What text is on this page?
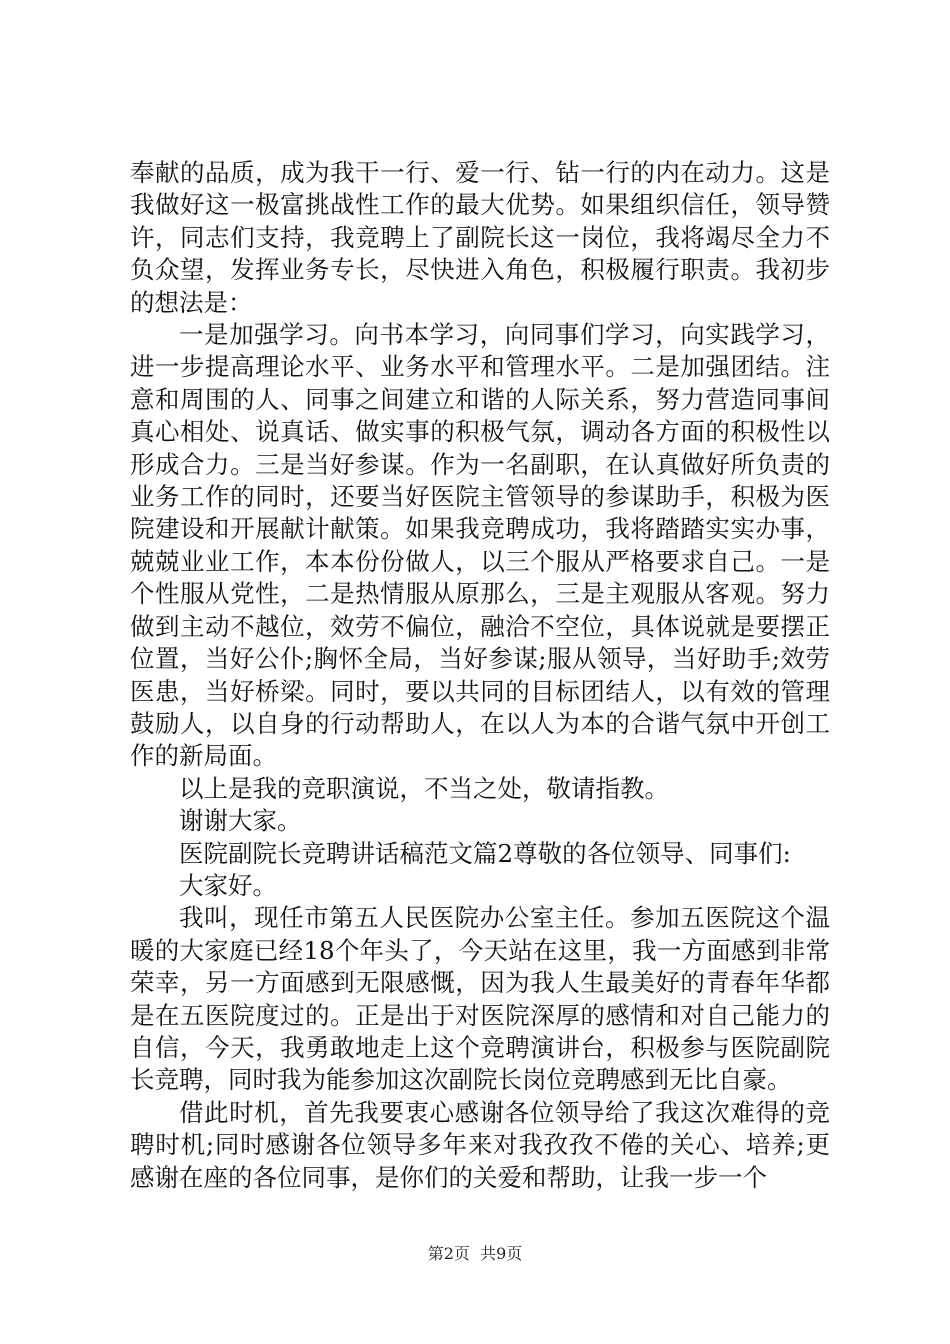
奉献的品质，成为我干一行、爱一行、钻一行的内在动力。这是我做好这一极富挑战性工作的最大优势。如果组织信任，领导赞许，同志们支持，我竞聘上了副院长这一岗位，我将竭尽全力不负众望，发挥业务专长，尽快进入角色，积极履行职责。我初步的想法是：

一是加强学习。向书本学习，向同事们学习，向实践学习，进一步提高理论水平、业务水平和管理水平。二是加强团结。注意和周围的人、同事之间建立和谐的人际关系，努力营造同事间真心相处、说真话、做实事的积极气氛，调动各方面的积极性以形成合力。三是当好参谋。作为一名副职，在认真做好所负责的业务工作的同时，还要当好医院主管领导的参谋助手，积极为医院建设和开展献计献策。如果我竞聘成功，我将踏踏实实办事，兢兢业业工作，本本份份做人，以三个服从严格要求自己。一是个性服从党性，二是热情服从原那么，三是主观服从客观。努力做到主动不越位，效劳不偏位，融洽不空位，具体说就是要摆正位置，当好公仆;胸怀全局，当好参谋;服从领导，当好助手;效劳医患，当好桥梁。同时，要以共同的目标团结人，以有效的管理鼓励人，以自身的行动帮助人，在以人为本的合谐气氛中开创工作的新局面。

以上是我的竞职演说，不当之处，敬请指教。

谢谢大家。

医院副院长竞聘讲话稿范文篇2尊敬的各位领导、同事们:

大家好。

我叫，现任市第五人民医院办公室主任。参加五医院这个温暖的大家庭已经18个年头了，今天站在这里，我一方面感到非常荣幸，另一方面感到无限感慨，因为我人生最美好的青春年华都是在五医院度过的。正是出于对医院深厚的感情和对自己能力的自信，今天，我勇敢地走上这个竞聘演讲台，积极参与医院副院长竞聘，同时我为能参加这次副院长岗位竞聘感到无比自豪。

借此时机，首先我要衷心感谢各位领导给了我这次难得的竞聘时机;同时感谢各位领导多年来对我孜孜不倦的关心、培养;更感谢在座的各位同事，是你们的关爱和帮助，让我一步一个

第2页  共9页
